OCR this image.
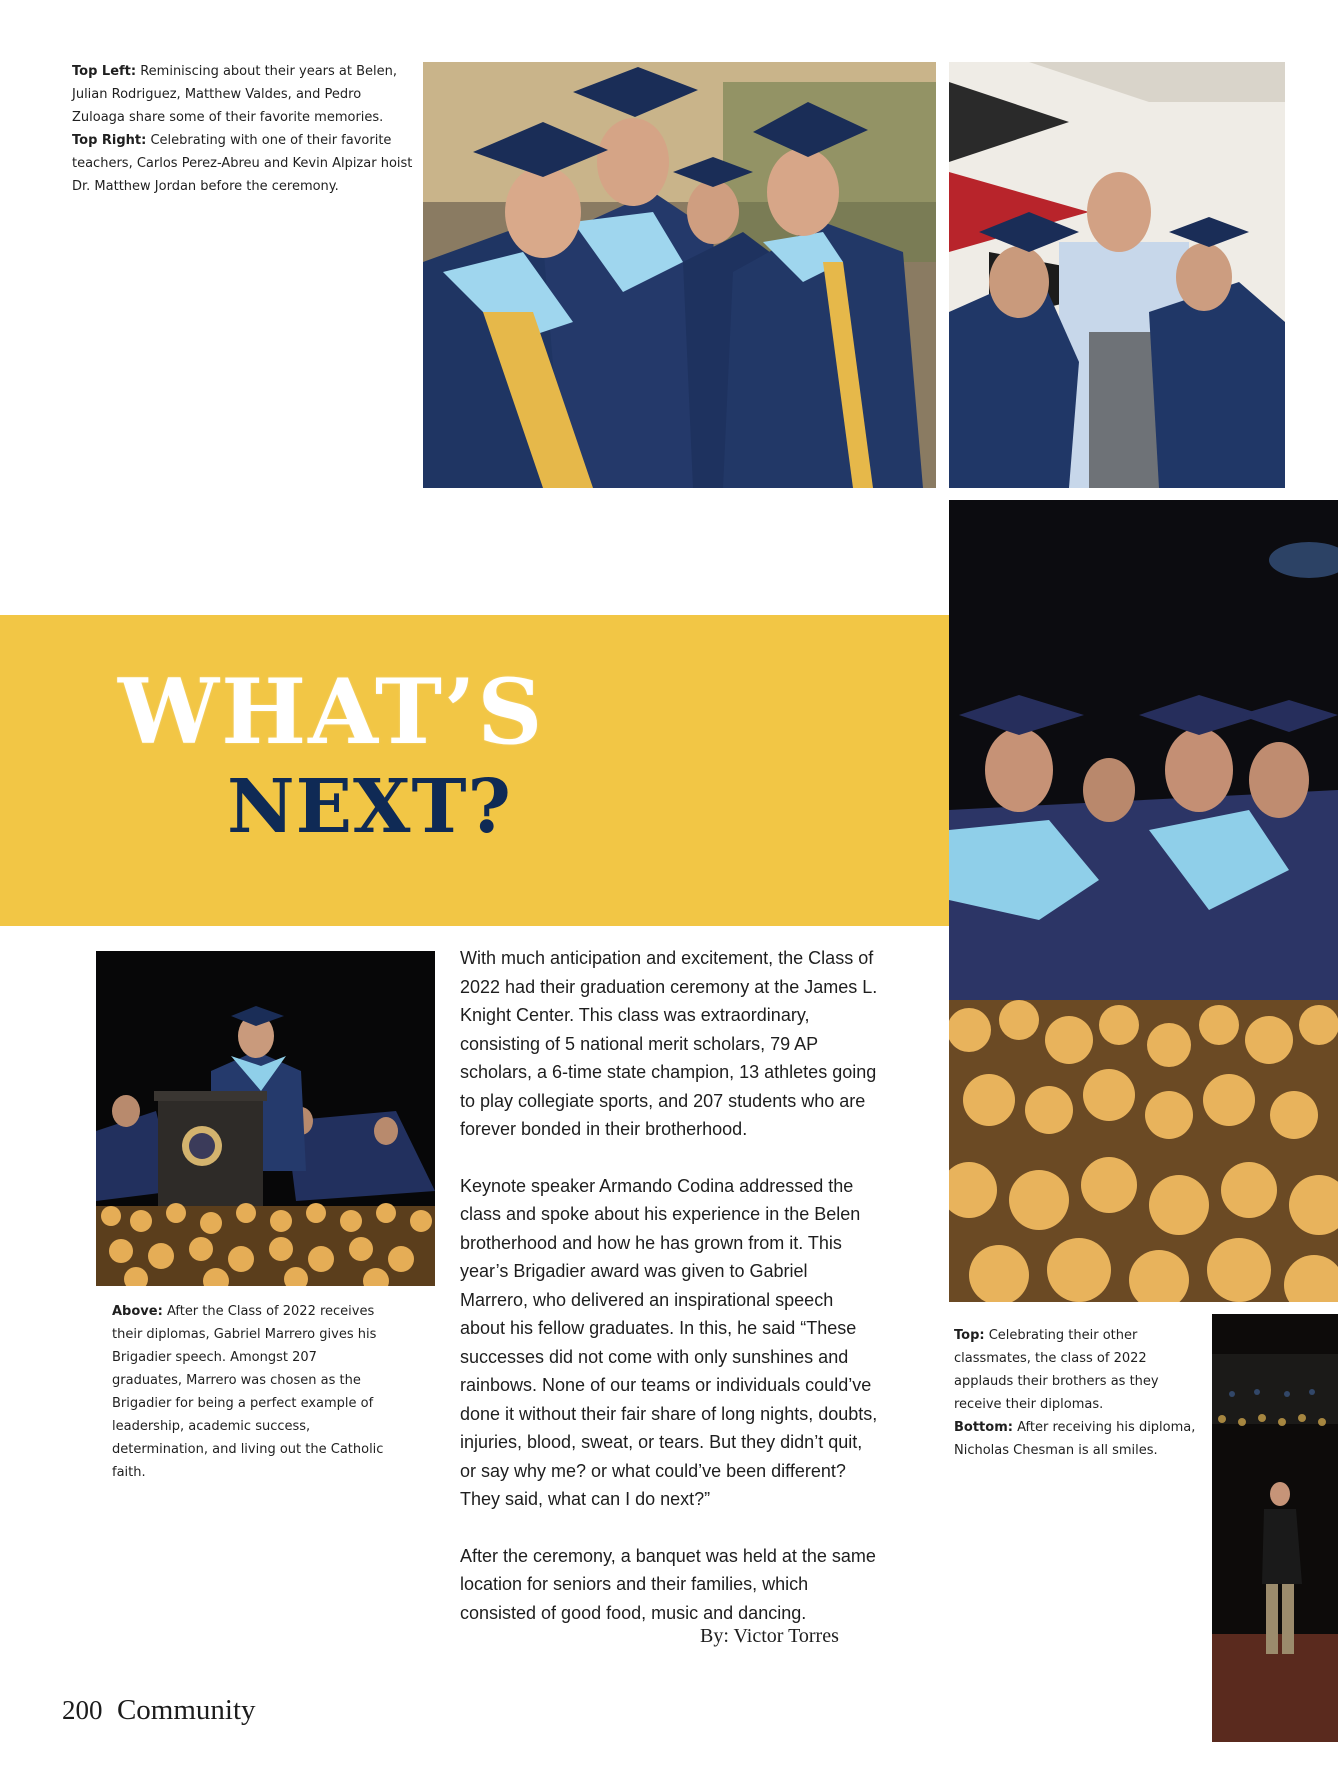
Top Left: Reminiscing about their years at Belen, Julian Rodriguez, Matthew Valdes, and Pedro Zuloaga share some of their favorite memories.

Top Right: Celebrating with one of their favorite teachers, Carlos Perez-Abreu and Kevin Alpizar hoist Dr. Matthew Jordan before the ceremony.

WHAT’S
NEXT?

Above: After the Class of 2022 receives their diplomas, Gabriel Marrero gives his Brigadier speech. Amongst 207 graduates, Marrero was chosen as the Brigadier for being a perfect example of leadership, academic success, determination, and living out the Catholic faith.

With much anticipation and excitement, the Class of 2022 had their graduation ceremony at the James L. Knight Center. This class was extraordinary, consisting of 5 national merit scholars, 79 AP scholars, a 6-time state champion, 13 athletes going to play collegiate sports, and 207 students who are forever bonded in their brotherhood.

Keynote speaker Armando Codina addressed the class and spoke about his experience in the Belen brotherhood and how he has grown from it. This year’s Brigadier award was given to Gabriel Marrero, who delivered an inspirational speech about his fellow graduates. In this, he said “These successes did not come with only sunshines and rainbows. None of our teams or individuals could’ve done it without their fair share of long nights, doubts, injuries, blood, sweat, or tears. But they didn’t quit, or say why me? or what could’ve been different? They said, what can I do next?”

After the ceremony, a banquet was held at the same location for seniors and their families, which consisted of good food, music and dancing.

By: Victor Torres

Top: Celebrating their other classmates, the class of 2022 applauds their brothers as they receive their diplomas.

Bottom: After receiving his diploma, Nicholas Chesman is all smiles.

200 Community
